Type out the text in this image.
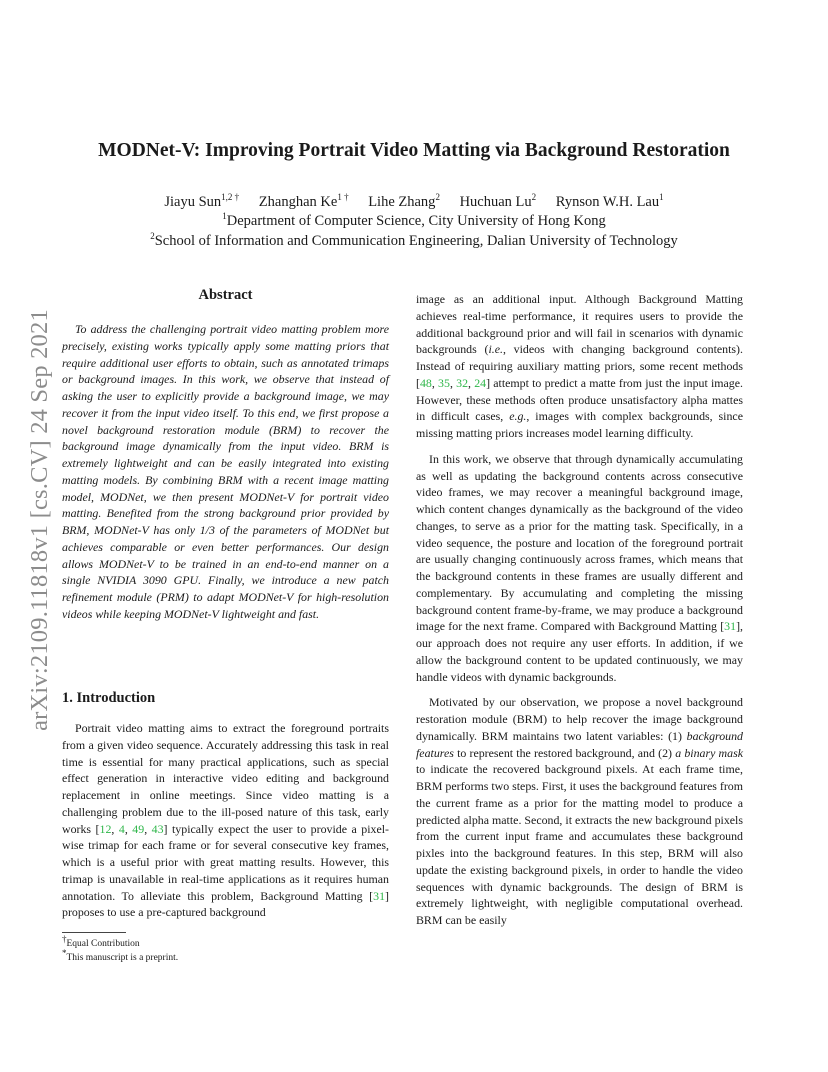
arXiv:2109.11818v1 [cs.CV] 24 Sep 2021
MODNet-V: Improving Portrait Video Matting via Background Restoration
Jiayu Sun$^{1,2 \dagger}$ Zhanghan $Ke^{1 \dagger}$ Lihe Zhang$^2$ Huchuan Lu$^2$ Rynson W.H. Lau$^1$
$^1$Department of Computer Science, City University of Hong Kong
$^2$School of Information and Communication Engineering, Dalian University of Technology
Abstract

To address the challenging portrait video matting problem more precisely, existing works typically apply some matting priors that require additional user efforts to obtain, such as annotated trimaps or background images. In this work, we observe that instead of asking the user to explicitly provide a background image, we may recover it from the input video itself. To this end, we first propose a novel background restoration module (BRM) to recover the background image dynamically from the input video. BRM is extremely lightweight and can be easily integrated into existing matting models. By combining BRM with a recent image matting model, MODNet, we then present MODNet-V for portrait video matting. Benefited from the strong background prior provided by BRM, MODNet-V has only 1/3 of the parameters of MODNet but achieves comparable or even better performances. Our design allows MODNet-V to be trained in an end-to-end manner on a single NVIDIA 3090 GPU. Finally, we introduce a new patch refinement module (PRM) to adapt MODNet-V for high-resolution videos while keeping MODNet-V lightweight and fast.

1. Introduction

Portrait video matting aims to extract the foreground portraits from a given video sequence. Accurately addressing this task in real time is essential for many practical applications, such as special effect generation in interactive video editing and background replacement in online meetings. Since video matting is a challenging problem due to the ill-posed nature of this task, early works [12, 4, 49, 43] typically expect the user to provide a pixel-wise trimap for each frame or for several consecutive key frames, which is a useful prior with great matting results. However, this trimap is unavailable in real-time applications as it requires human annotation. To alleviate this problem, Background Matting [31] proposes to use a pre-captured background

†Equal Contribution
*This manuscript is a preprint.

image as an additional input. Although Background Matting achieves real-time performance, it requires users to provide the additional background prior and will fail in scenarios with dynamic backgrounds (i.e., videos with changing background contents). Instead of requiring auxiliary matting priors, some recent methods [48, 35, 32, 24] attempt to predict a matte from just the input image. However, these methods often produce unsatisfactory alpha mattes in difficult cases, e.g., images with complex backgrounds, since missing matting priors increases model learning difficulty.

In this work, we observe that through dynamically accumulating as well as updating the background contents across consecutive video frames, we may recover a meaningful background image, which content changes dynamically as the background of the video changes, to serve as a prior for the matting task. Specifically, in a video sequence, the posture and location of the foreground portrait are usually changing continuously across frames, which means that the background contents in these frames are usually different and complementary. By accumulating and completing the missing background content frame-by-frame, we may produce a background image for the next frame. Compared with Background Matting [31], our approach does not require any user efforts. In addition, if we allow the background content to be updated continuously, we may handle videos with dynamic backgrounds.

Motivated by our observation, we propose a novel background restoration module (BRM) to help recover the image background dynamically. BRM maintains two latent variables: (1) background features to represent the restored background, and (2) a binary mask to indicate the recovered background pixels. At each frame time, BRM performs two steps. First, it uses the background features from the current frame as a prior for the matting model to produce a predicted alpha matte. Second, it extracts the new background pixels from the current input frame and accumulates these background pixles into the background features. In this step, BRM will also update the existing background pixels, in order to handle the video sequences with dynamic backgrounds. The design of BRM is extremely lightweight, with negligible computational overhead. BRM can be easily
